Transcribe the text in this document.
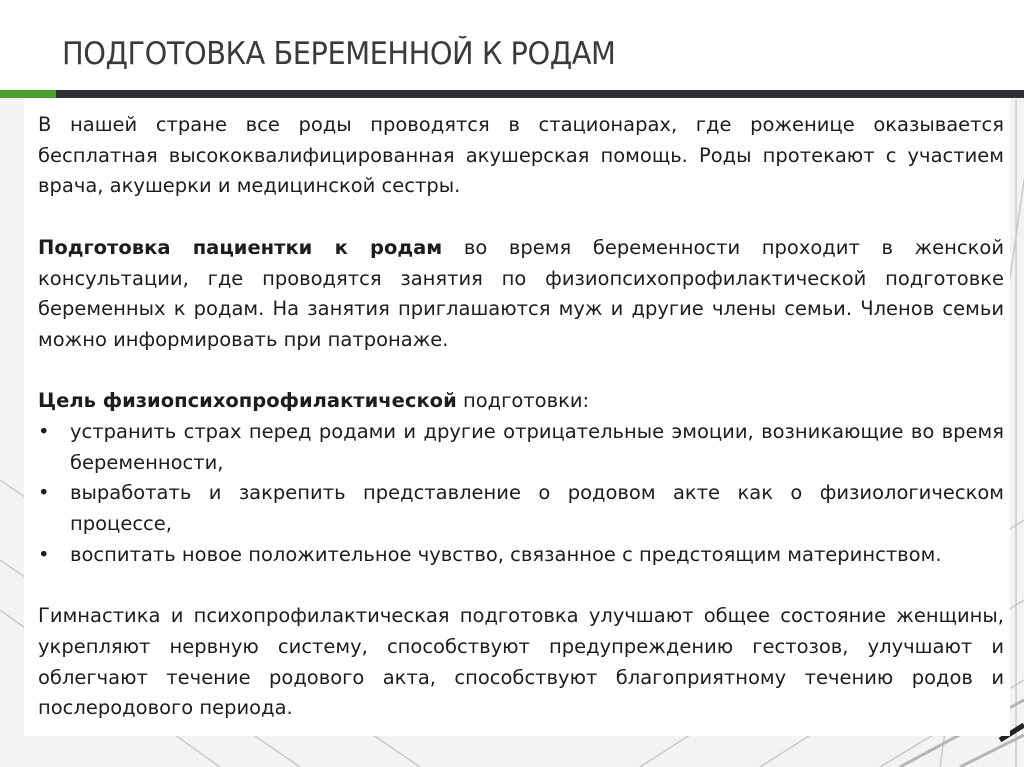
ПОДГОТОВКА БЕРЕМЕННОЙ К РОДАМ

В нашей стране все роды проводятся в стационарах, где роженице оказывается бесплатная высококвалифицированная акушерская помощь. Роды протекают с участием врача, акушерки и медицинской сестры.

Подготовка пациентки к родам во время беременности проходит в женской консультации, где проводятся занятия по физиопсихопрофилактической подготовке беременных к родам. На занятия приглашаются муж и другие члены семьи. Членов семьи можно информировать при патронаже.

Цель физиопсихопрофилактической подготовки:

• устранить страх перед родами и другие отрицательные эмоции, возникающие во время беременности,
• выработать и закрепить представление о родовом акте как о физиологическом процессе,
• воспитать новое положительное чувство, связанное с предстоящим материнством.

Гимнастика и психопрофилактическая подготовка улучшают общее состояние женщины, укрепляют нервную систему, способствуют предупреждению гестозов, улучшают и облегчают течение родового акта, способствуют благоприятному течению родов и послеродового периода.
